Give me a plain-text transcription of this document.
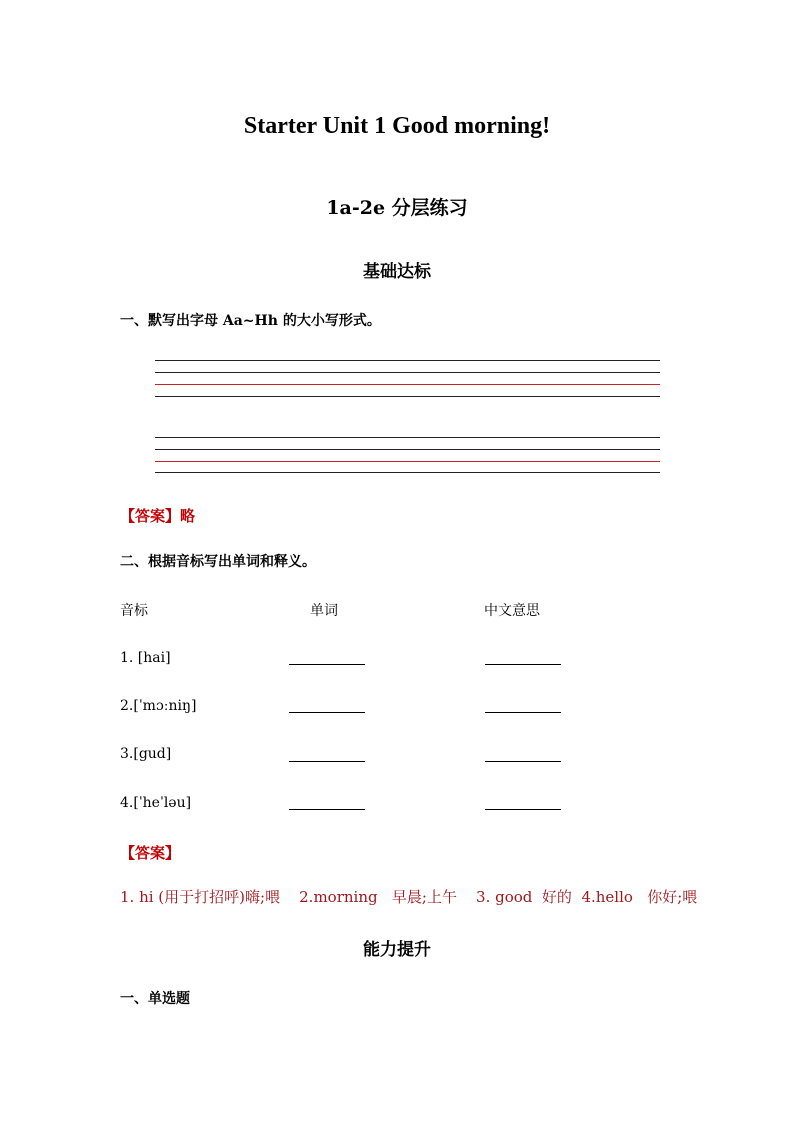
Starter Unit 1 Good morning!
1a-2e 分层练习
基础达标
一、默写出字母 Aa~Hh 的大小写形式。
【答案】略
二、根据音标写出单词和释义。
音标	单词	中文意思
1. [hai]
2.[ˈmɔːniŋ]
3.[gud]
4.[ˈheˈləu]
【答案】
1. hi (用于打招呼)嗨;喂    2.morning   早晨;上午    3. good  好的  4.hello   你好;喂
能力提升
一、单选题
